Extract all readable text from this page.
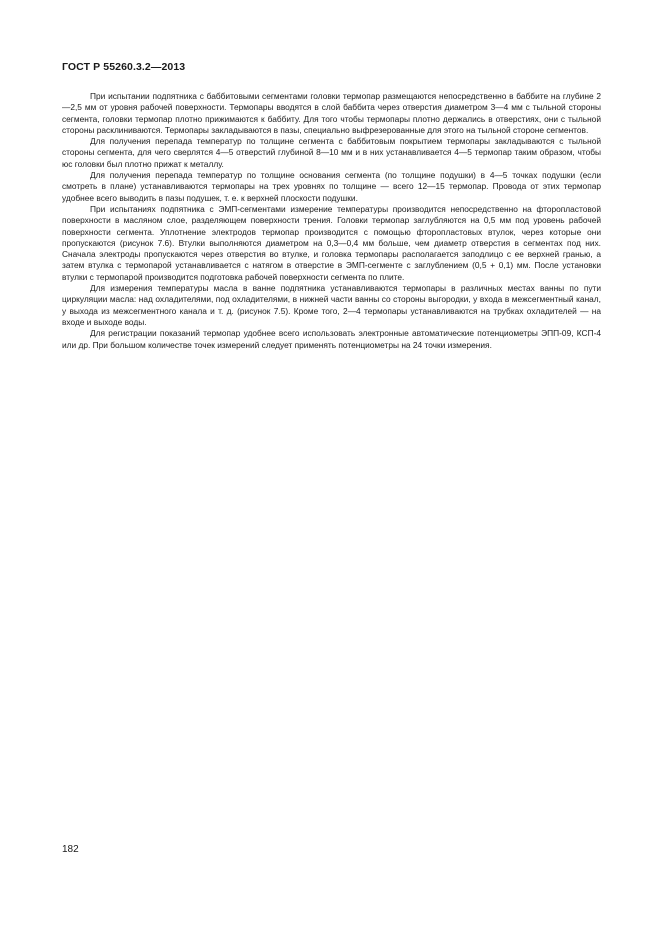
ГОСТ Р 55260.3.2—2013

При испытании подпятника с баббитовыми сегментами головки термопар размещаются непосредственно в баббите на глубине 2—2,5 мм от уровня рабочей поверхности. Термопары вводятся в слой баббита через отверстия диаметром 3—4 мм с тыльной стороны сегмента, головки термопар плотно прижимаются к баббиту. Для того чтобы термопары плотно держались в отверстиях, они с тыльной стороны расклиниваются. Термопары закладываются в пазы, специально выфрезерованные для этого на тыльной стороне сегментов.

Для получения перепада температур по толщине сегмента с баббитовым покрытием термопары закладываются с тыльной стороны сегмента, для чего сверлятся 4—5 отверстий глубиной 8—10 мм и в них устанавливается 4—5 термопар таким образом, чтобы юс головки был плотно прижат к металлу.

Для получения перепада температур по толщине основания сегмента (по толщине подушки) в 4—5 точках подушки (если смотреть в плане) устанавливаются термопары на трех уровнях по толщине — всего 12—15 термопар. Провода от этих термопар удобнее всего выводить в пазы подушек, т. е. к верхней плоскости подушки.

При испытаниях подпятника с ЭМП-сегментами измерение температуры производится непосредственно на фторопластовой поверхности в масляном слое, разделяющем поверхности трения. Головки термопар заглубляются на 0,5 мм под уровень рабочей поверхности сегмента. Уплотнение электродов термопар производится с помощью фторопластовых втулок, через которые они пропускаются (рисунок 7.6). Втулки выполняются диаметром на 0,3—0,4 мм больше, чем диаметр отверстия в сегментах под них. Сначала электроды пропускаются через отверстия во втулке, и головка термопары располагается заподлицо с ее верхней гранью, а затем втулка с термопарой устанавливается с натягом в отверстие в ЭМП-сегменте с заглублением (0,5 + 0,1) мм. После установки втулки с термопарой производится подготовка рабочей поверхности сегмента по плите.

Для измерения температуры масла в ванне подпятника устанавливаются термопары в различных местах ванны по пути циркуляции масла: над охладителями, под охладителями, в нижней части ванны со стороны выгородки, у входа в межсегментный канал, у выхода из межсегментного канала и т. д. (рисунок 7.5). Кроме того, 2—4 термопары устанавливаются на трубках охладителей — на входе и выходе воды.

Для регистрации показаний термопар удобнее всего использовать электронные автоматические потенциометры ЭПП-09, КСП-4 или др. При большом количестве точек измерений следует применять потенциометры на 24 точки измерения.

182
